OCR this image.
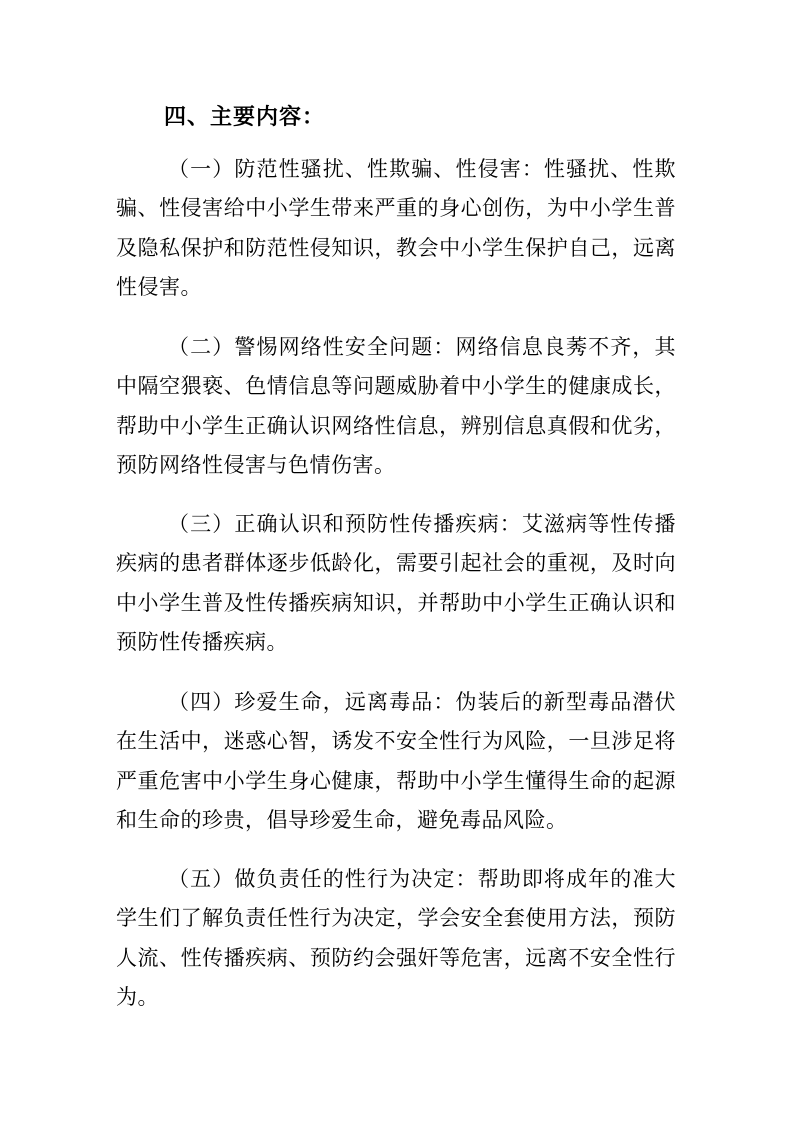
四、主要内容：

（一）防范性骚扰、性欺骗、性侵害：性骚扰、性欺骗、性侵害给中小学生带来严重的身心创伤，为中小学生普及隐私保护和防范性侵知识，教会中小学生保护自己，远离性侵害。

（二）警惕网络性安全问题：网络信息良莠不齐，其中隔空猥亵、色情信息等问题威胁着中小学生的健康成长，帮助中小学生正确认识网络性信息，辨别信息真假和优劣，预防网络性侵害与色情伤害。

（三）正确认识和预防性传播疾病：艾滋病等性传播疾病的患者群体逐步低龄化，需要引起社会的重视，及时向中小学生普及性传播疾病知识，并帮助中小学生正确认识和预防性传播疾病。

（四）珍爱生命，远离毒品：伪装后的新型毒品潜伏在生活中，迷惑心智，诱发不安全性行为风险，一旦涉足将严重危害中小学生身心健康，帮助中小学生懂得生命的起源和生命的珍贵，倡导珍爱生命，避免毒品风险。

（五）做负责任的性行为决定：帮助即将成年的准大学生们了解负责任性行为决定，学会安全套使用方法，预防人流、性传播疾病、预防约会强奸等危害，远离不安全性行为。
